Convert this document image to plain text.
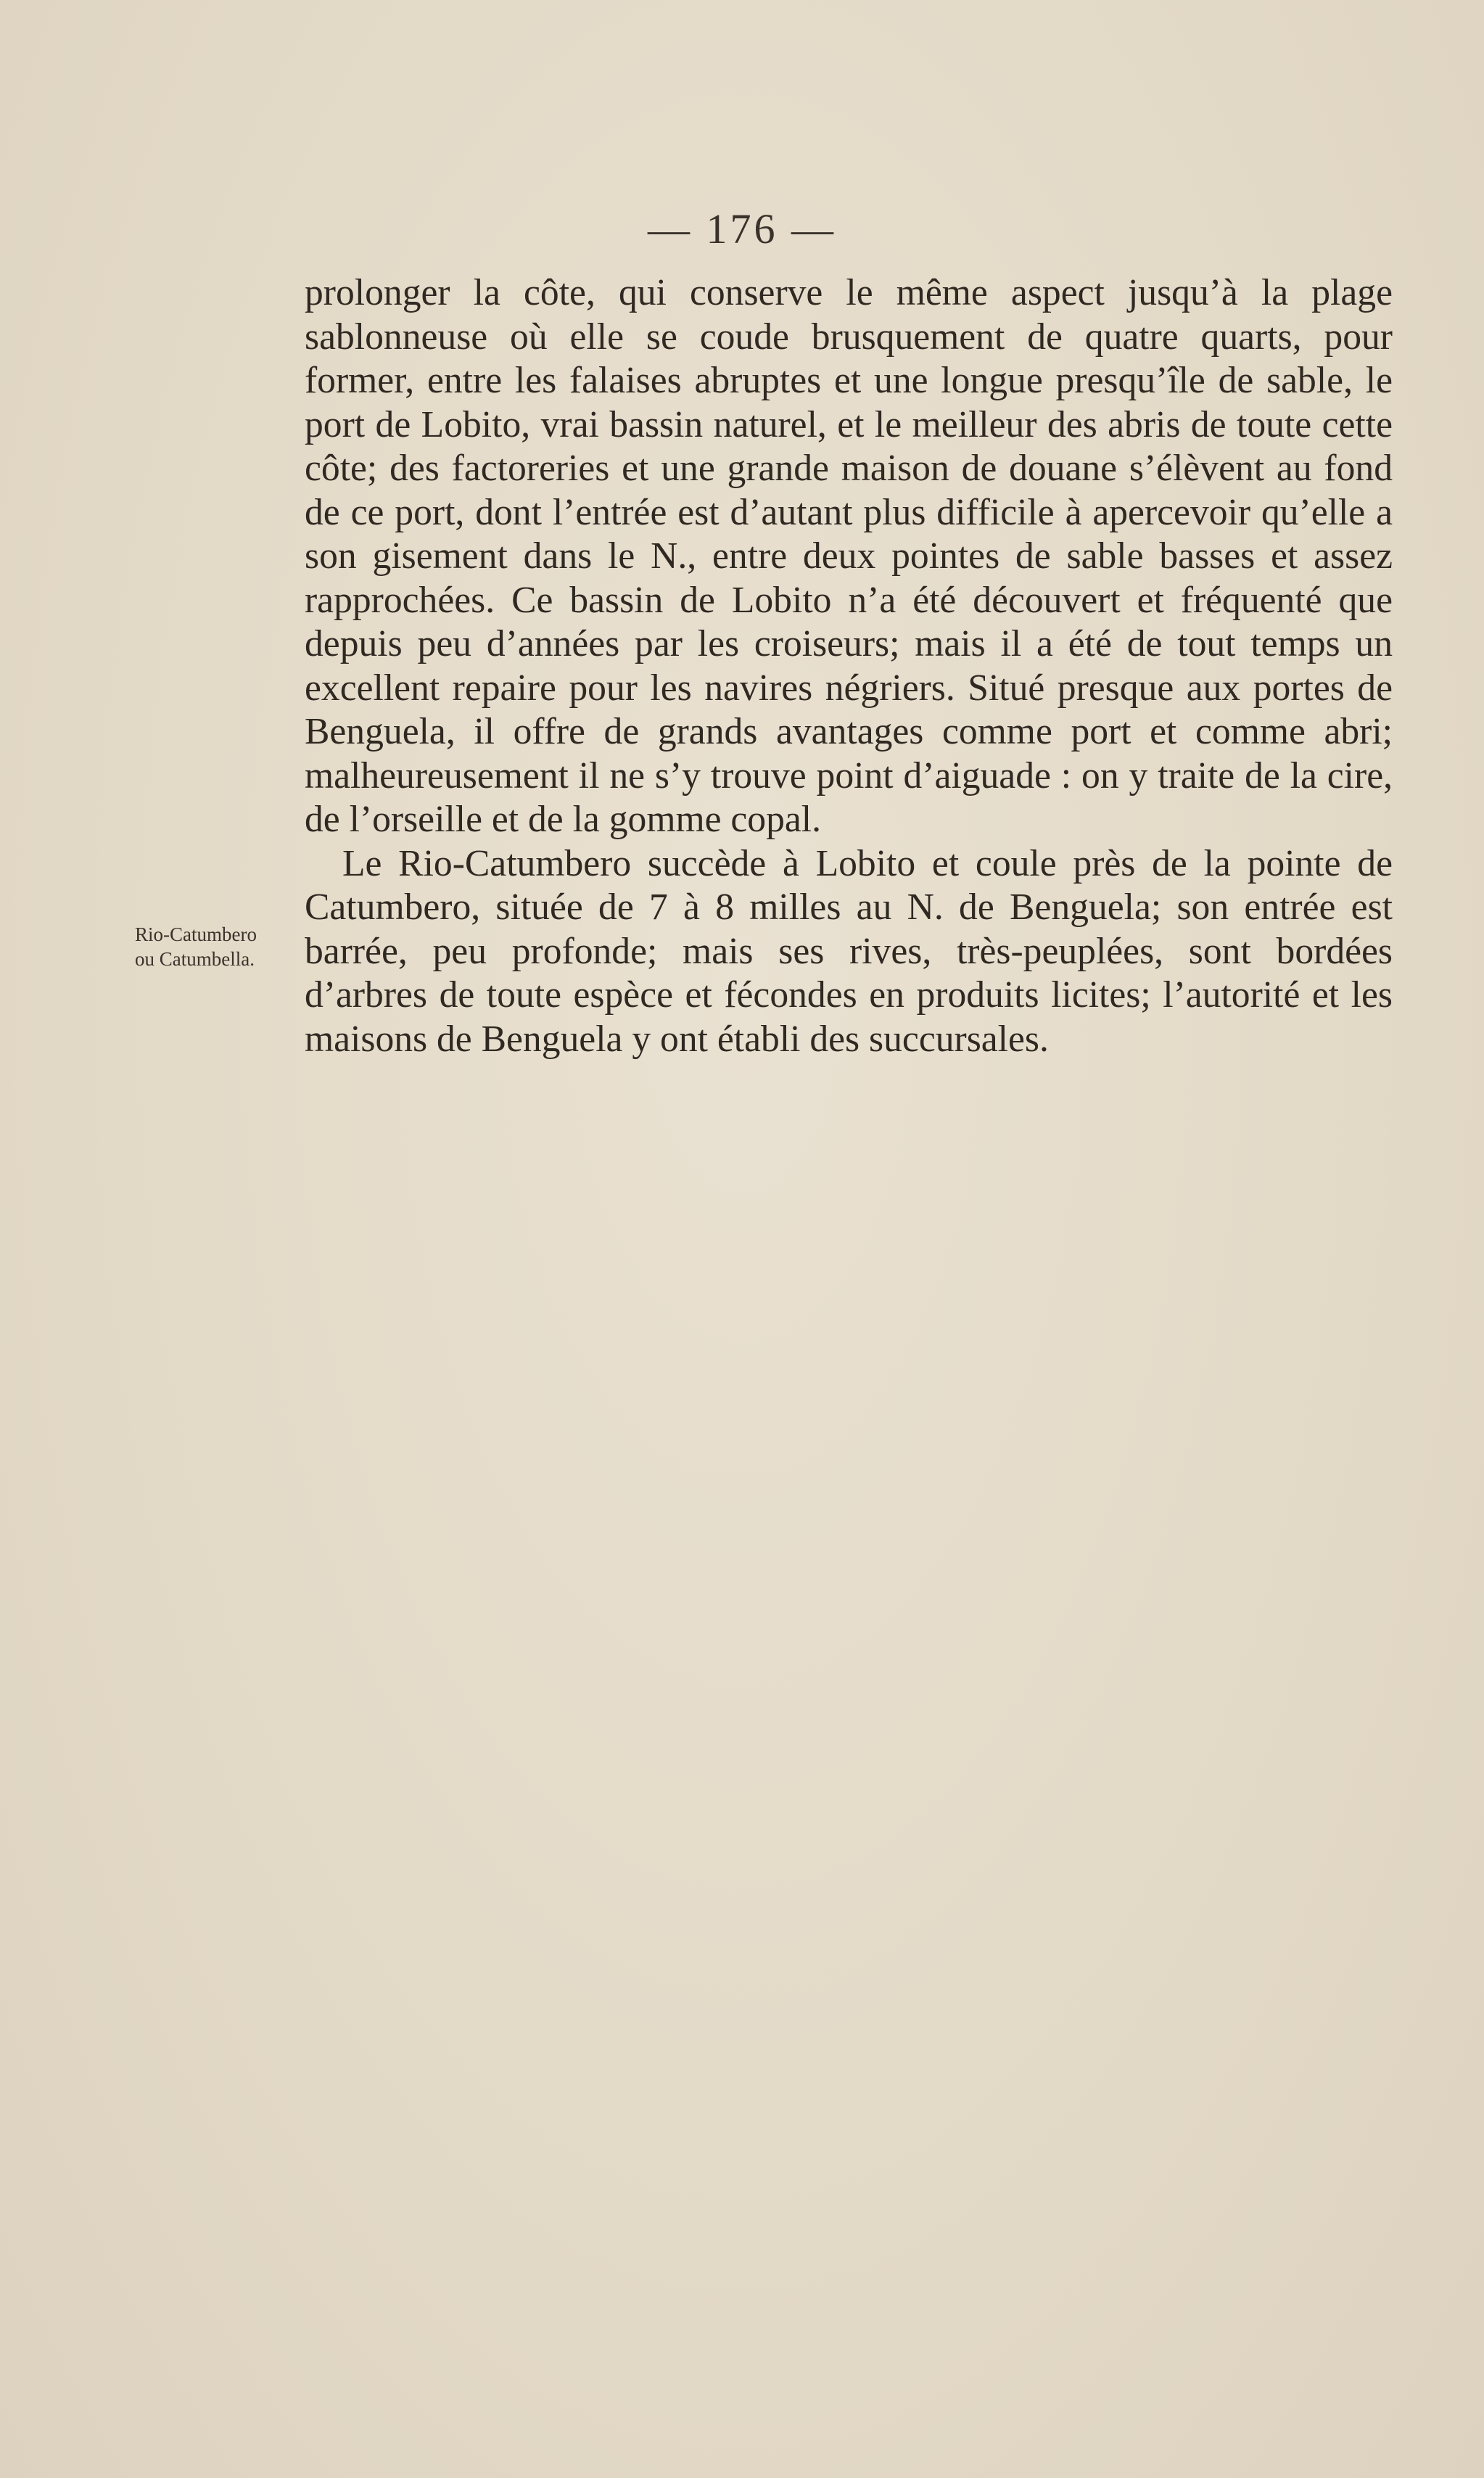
— 176 —
Rio-Catumbero
ou Catumbella.

prolonger la côte, qui conserve le même aspect jusqu’à la plage sablonneuse où elle se coude brusquement de quatre quarts, pour former, entre les falaises abruptes et une longue presqu’île de sable, le port de Lobito, vrai bassin naturel, et le meilleur des abris de toute cette côte; des factoreries et une grande maison de douane s’élèvent au fond de ce port, dont l’entrée est d’autant plus difficile à apercevoir qu’elle a son gisement dans le N., entre deux pointes de sable basses et assez rapprochées. Ce bassin de Lobito n’a été découvert et fréquenté que depuis peu d’années par les croiseurs; mais il a été de tout temps un excellent repaire pour les navires négriers. Situé presque aux portes de Benguela, il offre de grands avantages comme port et comme abri; malheureusement il ne s’y trouve point d’aiguade : on y traite de la cire, de l’orseille et de la gomme copal.

Le Rio-Catumbero succède à Lobito et coule près de la pointe de Catumbero, située de 7 à 8 milles au N. de Benguela; son entrée est barrée, peu profonde; mais ses rives, très-peuplées, sont bordées d’arbres de toute espèce et fécondes en produits licites; l’autorité et les maisons de Benguela y ont établi des succursales.
